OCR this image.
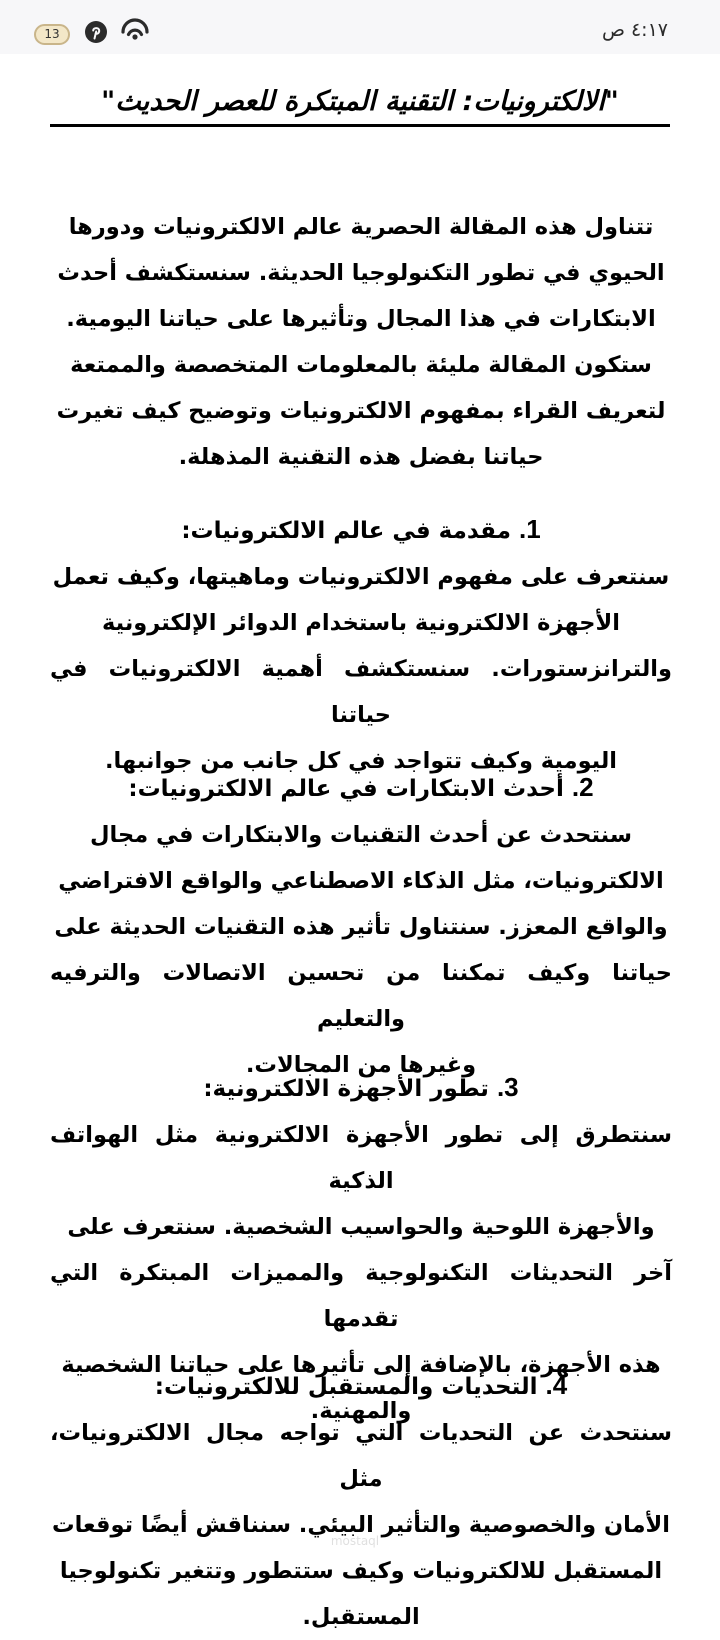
٤:١٧ ص
13
"الالكترونيات: التقنية المبتكرة للعصر الحديث"
تتناول هذه المقالة الحصرية عالم الالكترونيات ودورها
الحيوي في تطور التكنولوجيا الحديثة. سنستكشف أحدث
الابتكارات في هذا المجال وتأثيرها على حياتنا اليومية.
ستكون المقالة مليئة بالمعلومات المتخصصة والممتعة
لتعريف القراء بمفهوم الالكترونيات وتوضيح كيف تغيرت
حياتنا بفضل هذه التقنية المذهلة.
1. مقدمة في عالم الالكترونيات:
سنتعرف على مفهوم الالكترونيات وماهيتها، وكيف تعمل
الأجهزة الالكترونية باستخدام الدوائر الإلكترونية
والترانزستورات. سنستكشف أهمية الالكترونيات في حياتنا
اليومية وكيف تتواجد في كل جانب من جوانبها.
2. أحدث الابتكارات في عالم الالكترونيات:
سنتحدث عن أحدث التقنيات والابتكارات في مجال
الالكترونيات، مثل الذكاء الاصطناعي والواقع الافتراضي
والواقع المعزز. سنتناول تأثير هذه التقنيات الحديثة على
حياتنا وكيف تمكننا من تحسين الاتصالات والترفيه والتعليم
وغيرها من المجالات.
3. تطور الأجهزة الالكترونية:
سنتطرق إلى تطور الأجهزة الالكترونية مثل الهواتف الذكية
والأجهزة اللوحية والحواسيب الشخصية. سنتعرف على
آخر التحديثات التكنولوجية والمميزات المبتكرة التي تقدمها
هذه الأجهزة، بالإضافة إلى تأثيرها على حياتنا الشخصية
والمهنية.
4. التحديات والمستقبل للالكترونيات:
سنتحدث عن التحديات التي تواجه مجال الالكترونيات، مثل
الأمان والخصوصية والتأثير البيئي. سنناقش أيضًا توقعات
المستقبل للالكترونيات وكيف ستتطور وتتغير تكنولوجيا
المستقبل.
mostaql
